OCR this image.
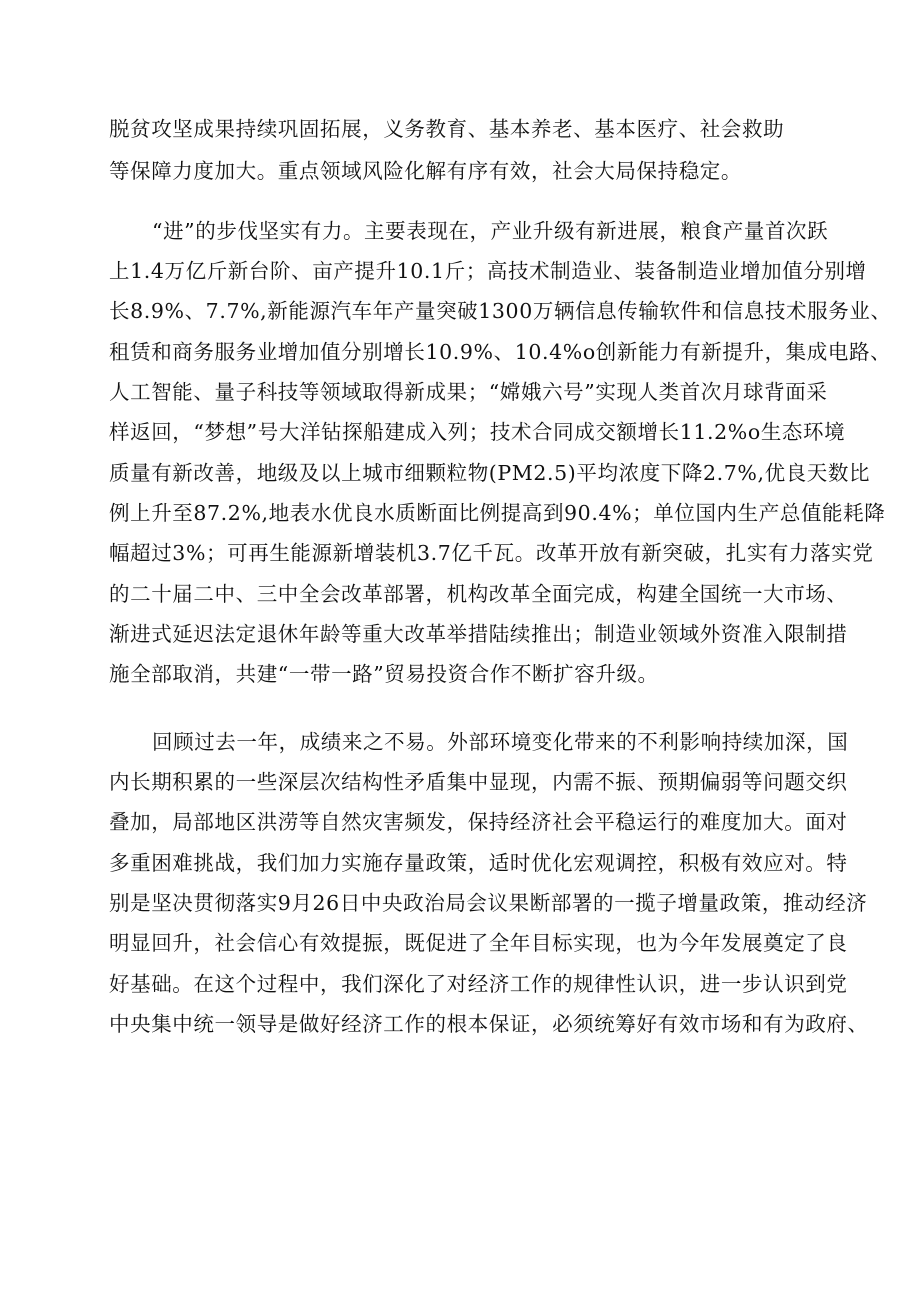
脱贫攻坚成果持续巩固拓展，义务教育、基本养老、基本医疗、社会救助
等保障力度加大。重点领域风险化解有序有效，社会大局保持稳定。
“进”的步伐坚实有力。主要表现在，产业升级有新进展，粮食产量首次跃
上1.4万亿斤新台阶、亩产提升10.1斤；高技术制造业、装备制造业增加值分别增
长8.9%、7.7%,新能源汽车年产量突破1300万辆信息传输软件和信息技术服务业、
租赁和商务服务业增加值分别增长10.9%、10.4%o创新能力有新提升，集成电路、
人工智能、量子科技等领域取得新成果；“嫦娥六号”实现人类首次月球背面采
样返回，“梦想”号大洋钻探船建成入列；技术合同成交额增长11.2%o生态环境
质量有新改善，地级及以上城市细颗粒物(PM2.5)平均浓度下降2.7%,优良天数比
例上升至87.2%,地表水优良水质断面比例提高到90.4%；单位国内生产总值能耗降
幅超过3%；可再生能源新增装机3.7亿千瓦。改革开放有新突破，扎实有力落实党
的二十届二中、三中全会改革部署，机构改革全面完成，构建全国统一大市场、
渐进式延迟法定退休年龄等重大改革举措陆续推出；制造业领域外资准入限制措
施全部取消，共建“一带一路”贸易投资合作不断扩容升级。
回顾过去一年，成绩来之不易。外部环境变化带来的不利影响持续加深，国
内长期积累的一些深层次结构性矛盾集中显现，内需不振、预期偏弱等问题交织
叠加，局部地区洪涝等自然灾害频发，保持经济社会平稳运行的难度加大。面对
多重困难挑战，我们加力实施存量政策，适时优化宏观调控，积极有效应对。特
别是坚决贯彻落实9月26日中央政治局会议果断部署的一揽子增量政策，推动经济
明显回升，社会信心有效提振，既促进了全年目标实现，也为今年发展奠定了良
好基础。在这个过程中，我们深化了对经济工作的规律性认识，进一步认识到党
中央集中统一领导是做好经济工作的根本保证，必须统筹好有效市场和有为政府、
